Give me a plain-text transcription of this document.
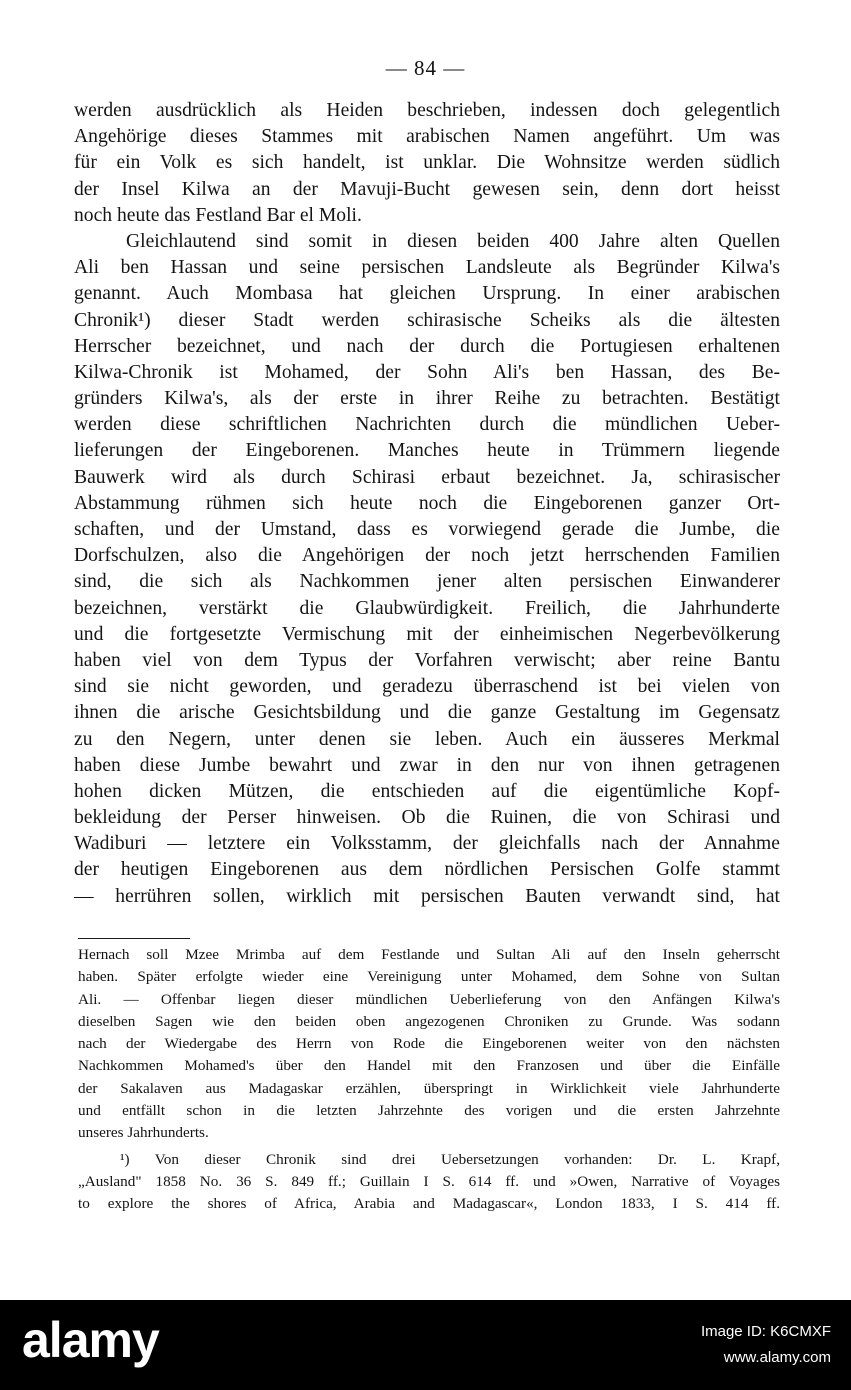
— 84 —
werden ausdrücklich als Heiden beschrieben, indessen doch gelegentlich
Angehörige dieses Stammes mit arabischen Namen angeführt. Um was
für ein Volk es sich handelt, ist unklar. Die Wohnsitze werden südlich
der Insel Kilwa an der Mavuji-Bucht gewesen sein, denn dort heisst
noch heute das Festland Bar el Moli.
Gleichlautend sind somit in diesen beiden 400 Jahre alten Quellen
Ali ben Hassan und seine persischen Landsleute als Begründer Kilwa's
genannt. Auch Mombasa hat gleichen Ursprung. In einer arabischen
Chronik¹) dieser Stadt werden schirasische Scheiks als die ältesten
Herrscher bezeichnet, und nach der durch die Portugiesen erhaltenen
Kilwa-Chronik ist Mohamed, der Sohn Ali's ben Hassan, des Be-
gründers Kilwa's, als der erste in ihrer Reihe zu betrachten. Bestätigt
werden diese schriftlichen Nachrichten durch die mündlichen Ueber-
lieferungen der Eingeborenen. Manches heute in Trümmern liegende
Bauwerk wird als durch Schirasi erbaut bezeichnet. Ja, schirasischer
Abstammung rühmen sich heute noch die Eingeborenen ganzer Ort-
schaften, und der Umstand, dass es vorwiegend gerade die Jumbe, die
Dorfschulzen, also die Angehörigen der noch jetzt herrschenden Familien
sind, die sich als Nachkommen jener alten persischen Einwanderer
bezeichnen, verstärkt die Glaubwürdigkeit. Freilich, die Jahrhunderte
und die fortgesetzte Vermischung mit der einheimischen Negerbevölkerung
haben viel von dem Typus der Vorfahren verwischt; aber reine Bantu
sind sie nicht geworden, und geradezu überraschend ist bei vielen von
ihnen die arische Gesichtsbildung und die ganze Gestaltung im Gegensatz
zu den Negern, unter denen sie leben. Auch ein äusseres Merkmal
haben diese Jumbe bewahrt und zwar in den nur von ihnen getragenen
hohen dicken Mützen, die entschieden auf die eigentümliche Kopf-
bekleidung der Perser hinweisen. Ob die Ruinen, die von Schirasi und
Wadiburi — letztere ein Volksstamm, der gleichfalls nach der Annahme
der heutigen Eingeborenen aus dem nördlichen Persischen Golfe stammt
— herrühren sollen, wirklich mit persischen Bauten verwandt sind, hat
Hernach soll Mzee Mrimba auf dem Festlande und Sultan Ali auf den Inseln geherrscht
haben. Später erfolgte wieder eine Vereinigung unter Mohamed, dem Sohne von Sultan
Ali. — Offenbar liegen dieser mündlichen Ueberlieferung von den Anfängen Kilwa's
dieselben Sagen wie den beiden oben angezogenen Chroniken zu Grunde. Was sodann
nach der Wiedergabe des Herrn von Rode die Eingeborenen weiter von den nächsten
Nachkommen Mohamed's über den Handel mit den Franzosen und über die Einfälle
der Sakalaven aus Madagaskar erzählen, überspringt in Wirklichkeit viele Jahrhunderte
und entfällt schon in die letzten Jahrzehnte des vorigen und die ersten Jahrzehnte
unseres Jahrhunderts.
¹) Von dieser Chronik sind drei Uebersetzungen vorhanden: Dr. L. Krapf,
„Ausland" 1858 No. 36 S. 849 ff.; Guillain I S. 614 ff. und »Owen, Narrative of Voyages
to explore the shores of Africa, Arabia and Madagascar«, London 1833, I S. 414 ff.
alamy	Image ID: K6CMXF
www.alamy.com
